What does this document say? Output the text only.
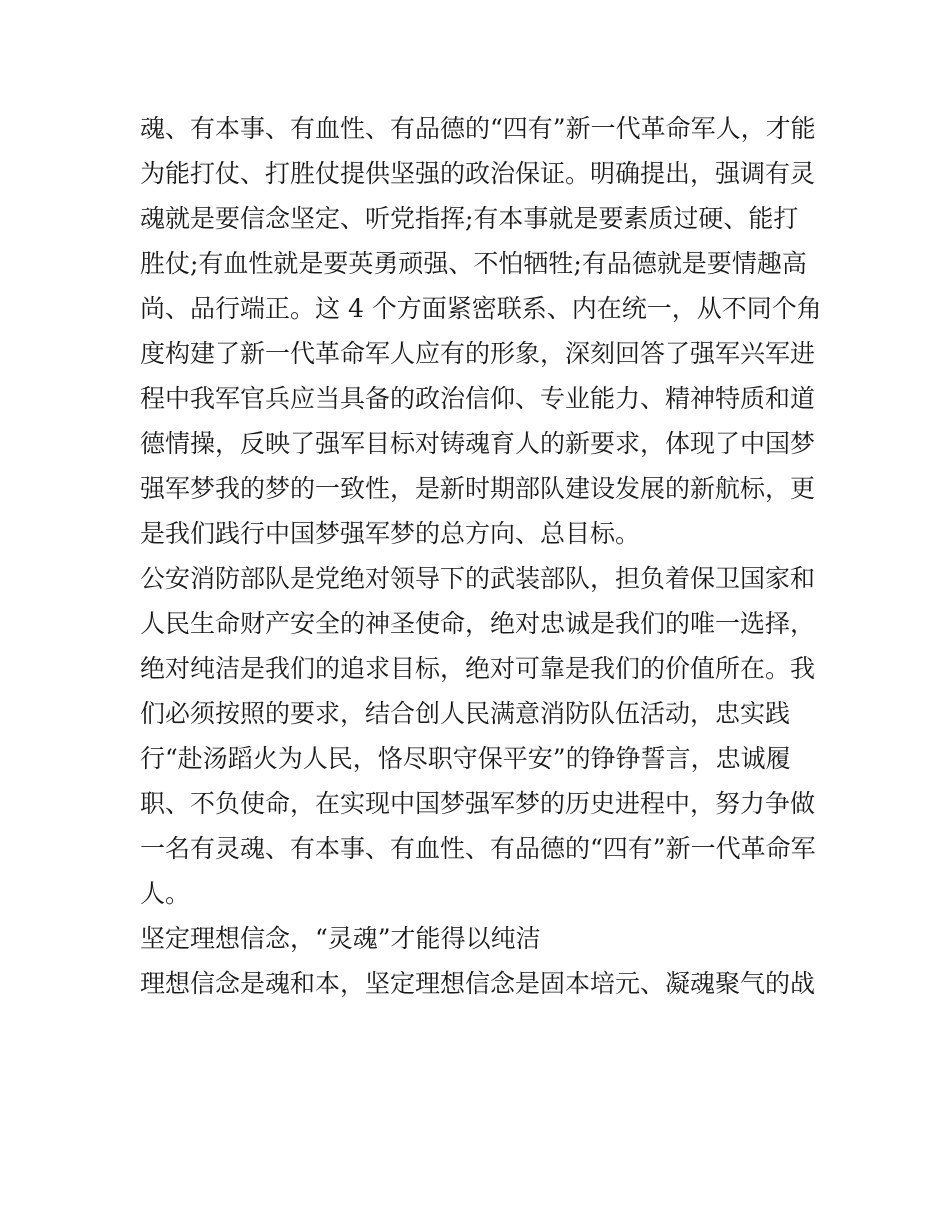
魂、有本事、有血性、有品德的“四有”新一代革命军人，才能
为能打仗、打胜仗提供坚强的政治保证。明确提出，强调有灵
魂就是要信念坚定、听党指挥;有本事就是要素质过硬、能打
胜仗;有血性就是要英勇顽强、不怕牺牲;有品德就是要情趣高
尚、品行端正。这 4 个方面紧密联系、内在统一，从不同个角
度构建了新一代革命军人应有的形象，深刻回答了强军兴军进
程中我军官兵应当具备的政治信仰、专业能力、精神特质和道
德情操，反映了强军目标对铸魂育人的新要求，体现了中国梦
强军梦我的梦的一致性，是新时期部队建设发展的新航标，更
是我们践行中国梦强军梦的总方向、总目标。
公安消防部队是党绝对领导下的武装部队，担负着保卫国家和
人民生命财产安全的神圣使命，绝对忠诚是我们的唯一选择，
绝对纯洁是我们的追求目标，绝对可靠是我们的价值所在。我
们必须按照的要求，结合创人民满意消防队伍活动，忠实践
行“赴汤蹈火为人民，恪尽职守保平安”的铮铮誓言，忠诚履
职、不负使命，在实现中国梦强军梦的历史进程中，努力争做
一名有灵魂、有本事、有血性、有品德的“四有”新一代革命军
人。
坚定理想信念，“灵魂”才能得以纯洁
理想信念是魂和本，坚定理想信念是固本培元、凝魂聚气的战
